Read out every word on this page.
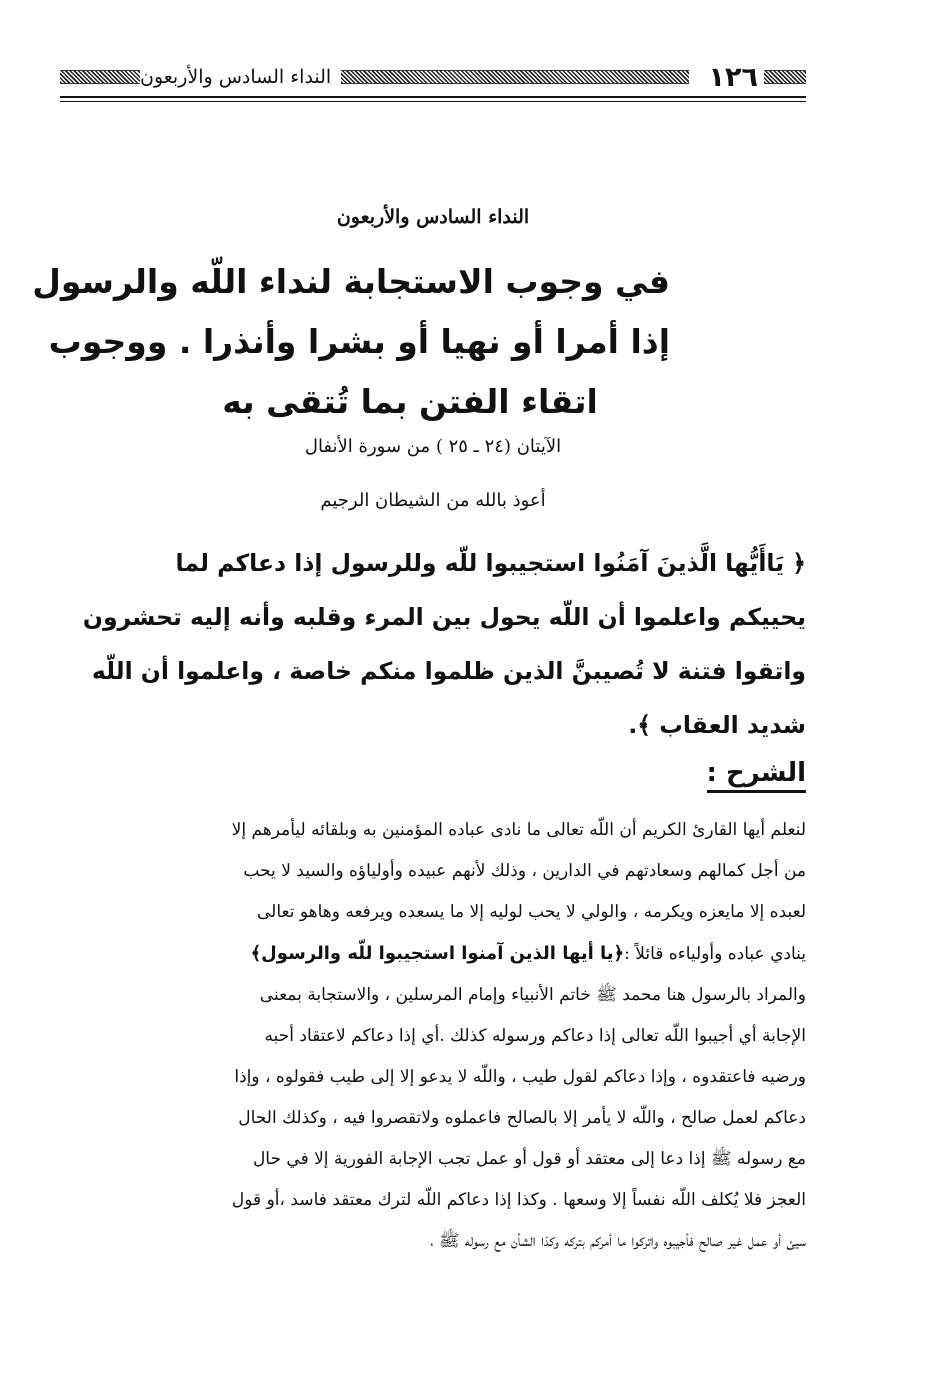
١٢٦
النداء السادس والأربعون
النداء السادس والأربعون
في وجوب الاستجابة لنداء اللّه والرسول
إذا أمرا أو نهيا أو بشرا وأنذرا . ووجوب
اتقاء الفتن بما تُتقى به
الآيتان (٢٤ ـ ٢٥ ) من سورة الأنفال
أعوذ بالله من الشيطان الرجيم
﴿ يَاأَيُّها الَّذينَ آمَنُوا استجيبوا للّه وللرسول إذا دعاكم لما
يحييكم واعلموا أن اللّه يحول بين المرء وقلبه وأنه إليه تحشرون
واتقوا فتنة لا تُصيبنَّ الذين ظلموا منكم خاصة ، واعلموا أن اللّه
شديد العقاب ﴾.
الشرح :
لنعلم أيها القارئ الكريم أن اللّه تعالى ما نادى عباده المؤمنين به وبلقائه ليأمرهم إلا
من أجل كمالهم وسعادتهم في الدارين ، وذلك لأنهم عبيده وأولياؤه والسيد لا يحب
لعبده إلا مايعزه ويكرمه ، والولي لا يحب لوليه إلا ما يسعده ويرفعه وهاهو تعالى
ينادي عباده وأولياءه قائلاً :﴿يا أيها الذين آمنوا استجيبوا للّه والرسول﴾
والمراد بالرسول هنا محمد ﷺ خاتم الأنبياء وإمام المرسلين ، والاستجابة بمعنى
الإجابة أي أجيبوا اللّه تعالى إذا دعاكم ورسوله كذلك .أي إذا دعاكم لاعتقاد أحبه
ورضيه فاعتقدوه ، وإذا دعاكم لقول طيب ، واللّه لا يدعو إلا إلى طيب فقولوه ، وإذا
دعاكم لعمل صالح ، واللّه لا يأمر إلا بالصالح فاعملوه ولاتقصروا فيه ، وكذلك الحال
مع رسوله ﷺ إذا دعا إلى معتقد أو قول أو عمل تجب الإجابة الفورية إلا في حال
العجز فلا يُكلف اللّه نفساً إلا وسعها . وكذا إذا دعاكم اللّه لترك معتقد فاسد ،أو قول
سيئ أو عمل غير صالح فأجيبوه واتركوا ما أمركم بتركه وكذا الشأن مع رسوله ﷺ ،
